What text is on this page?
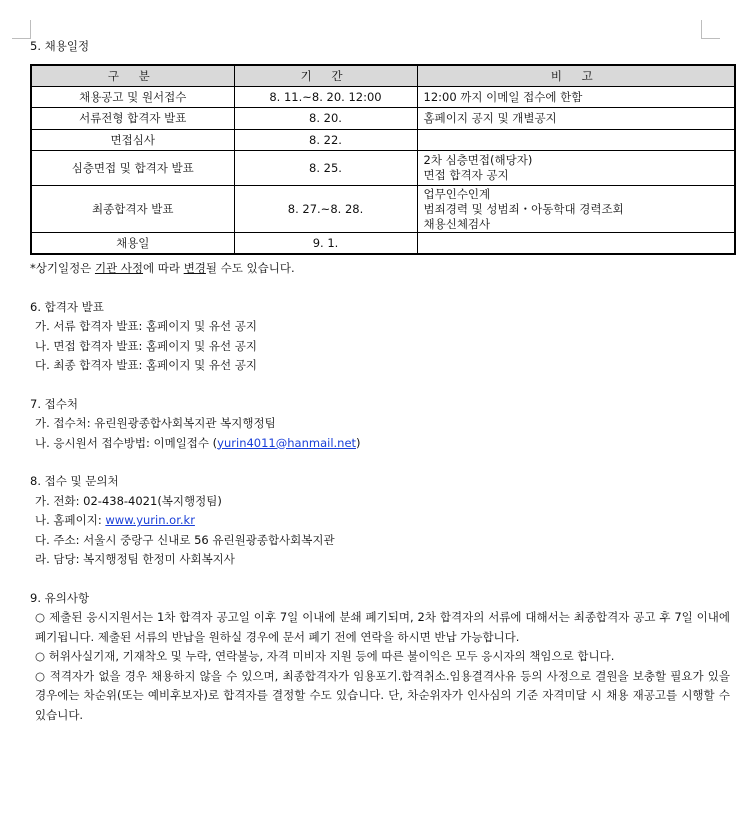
5. 채용일정
구 분	기 간	비 고
채용공고 및 원서접수	8. 11.~8. 20. 12:00	12:00 까지 이메일 접수에 한함

서류전형 합격자 발표	8. 20.	홈페이지 공지 및 개별공지

면접심사	8. 22.	
심층면접 및 합격자 발표	8. 25.	2차 심층면접(해당자)
면접 합격자 공지

최종합격자 발표	8. 27.~8. 28.	업무인수인계
범죄경력 및 성범죄・아동학대 경력조회
채용신체검사

채용일	9. 1.	
*상기일정은 기관 사정에 따라 변경될 수도 있습니다.
6. 합격자 발표
가. 서류 합격자 발표: 홈페이지 및 유선 공지
나. 면접 합격자 발표: 홈페이지 및 유선 공지
다. 최종 합격자 발표: 홈페이지 및 유선 공지
7. 접수처
가. 접수처: 유린원광종합사회복지관 복지행정팀
나. 응시원서 접수방법: 이메일접수 (yurin4011@hanmail.net)
8. 접수 및 문의처
가. 전화: 02-438-4021(복지행정팀)
나. 홈페이지: www.yurin.or.kr
다. 주소: 서울시 중랑구 신내로 56 유린원광종합사회복지관
라. 담당: 복지행정팀 한정미 사회복지사
9. 유의사항
○ 제출된 응시지원서는 1차 합격자 공고일 이후 7일 이내에 분쇄 폐기되며, 2차 합격자의 서류에 대해서는 최종합격자 공고 후 7일 이내에 폐기됩니다. 제출된 서류의 반납을 원하실 경우에 문서 폐기 전에 연락을 하시면 반납 가능합니다.
○ 허위사실기재, 기재착오 및 누락, 연락불능, 자격 미비자 지원 등에 따른 불이익은 모두 응시자의 책임으로 합니다.
○ 적격자가 없을 경우 채용하지 않을 수 있으며, 최종합격자가 임용포기.합격취소.임용결격사유 등의 사정으로 결원을 보충할 필요가 있을 경우에는 차순위(또는 예비후보자)로 합격자를 결정할 수도 있습니다. 단, 차순위자가 인사심의 기준 자격미달 시 채용 재공고를 시행할 수 있습니다.
